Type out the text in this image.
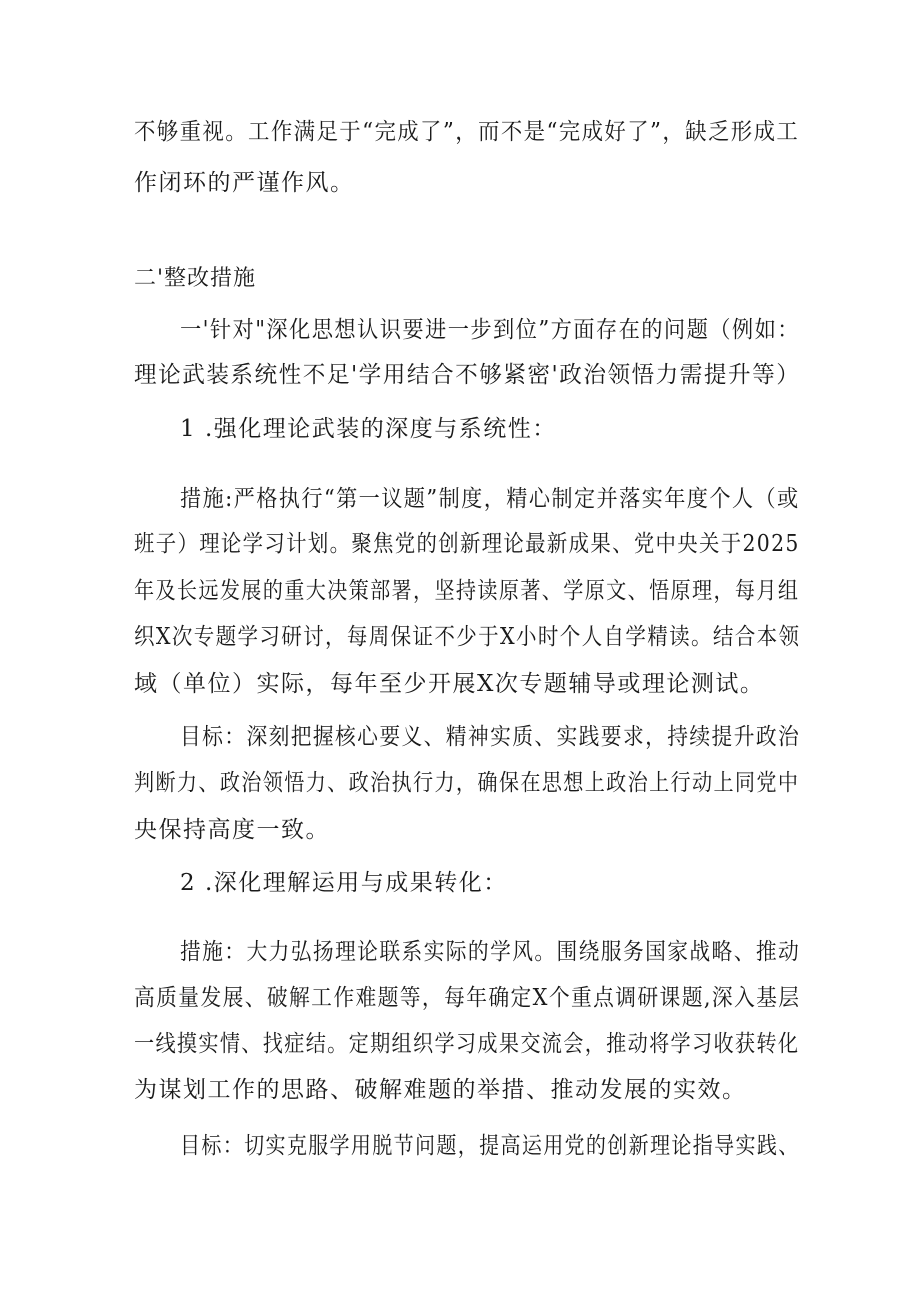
不够重视。工作满足于“完成了”，而不是“完成好了”，缺乏形成工
作闭环的严谨作风。
二'整改措施
一'针对"深化思想认识要进一步到位”方面存在的问题（例如：
理论武装系统性不足'学用结合不够紧密'政治领悟力需提升等）
1 .强化理论武装的深度与系统性：
措施:严格执行“第一议题”制度，精心制定并落实年度个人（或
班子）理论学习计划。聚焦党的创新理论最新成果、党中央关于2025
年及长远发展的重大决策部署，坚持读原著、学原文、悟原理，每月组
织X次专题学习研讨，每周保证不少于X小时个人自学精读。结合本领
域（单位）实际，每年至少开展X次专题辅导或理论测试。
目标：深刻把握核心要义、精神实质、实践要求，持续提升政治
判断力、政治领悟力、政治执行力，确保在思想上政治上行动上同党中
央保持高度一致。
2 .深化理解运用与成果转化：
措施：大力弘扬理论联系实际的学风。围绕服务国家战略、推动
高质量发展、破解工作难题等，每年确定X个重点调研课题,深入基层
一线摸实情、找症结。定期组织学习成果交流会，推动将学习收获转化
为谋划工作的思路、破解难题的举措、推动发展的实效。
目标：切实克服学用脱节问题，提高运用党的创新理论指导实践、
